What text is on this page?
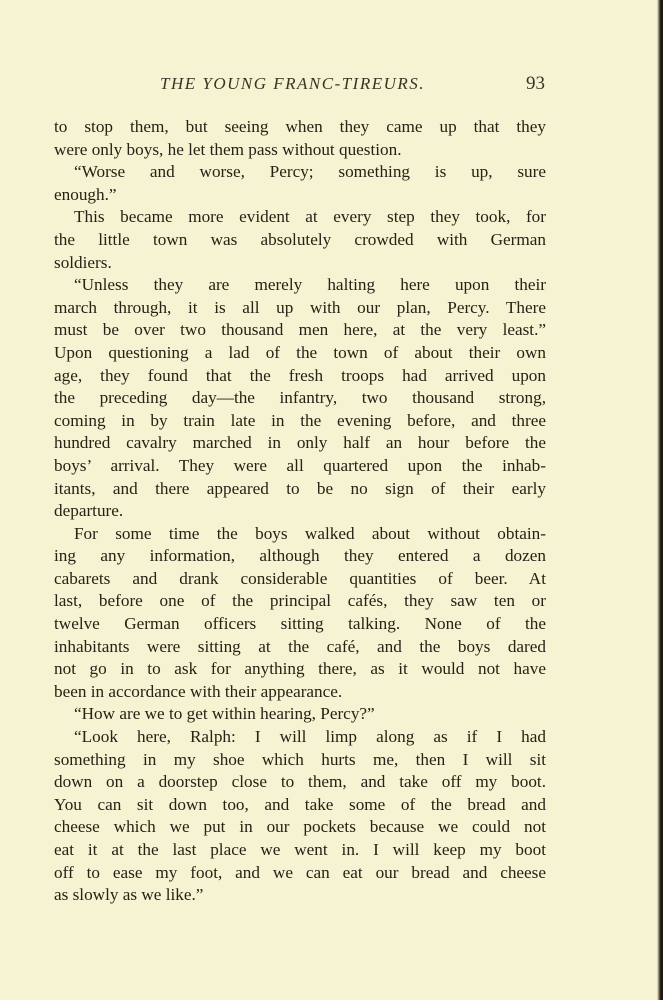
THE YOUNG FRANC-TIREURS.	93
to stop them, but seeing when they came up that they
were only boys, he let them pass without question.
“Worse and worse, Percy; something is up, sure
enough.”
This became more evident at every step they took, for
the little town was absolutely crowded with German
soldiers.
“Unless they are merely halting here upon their
march through, it is all up with our plan, Percy. There
must be over two thousand men here, at the very least.”
Upon questioning a lad of the town of about their own
age, they found that the fresh troops had arrived upon
the preceding day—the infantry, two thousand strong,
coming in by train late in the evening before, and three
hundred cavalry marched in only half an hour before the
boys’ arrival. They were all quartered upon the inhab-
itants, and there appeared to be no sign of their early
departure.
For some time the boys walked about without obtain-
ing any information, although they entered a dozen
cabarets and drank considerable quantities of beer. At
last, before one of the principal cafés, they saw ten or
twelve German officers sitting talking. None of the
inhabitants were sitting at the café, and the boys dared
not go in to ask for anything there, as it would not have
been in accordance with their appearance.
“How are we to get within hearing, Percy?”
“Look here, Ralph: I will limp along as if I had
something in my shoe which hurts me, then I will sit
down on a doorstep close to them, and take off my boot.
You can sit down too, and take some of the bread and
cheese which we put in our pockets because we could not
eat it at the last place we went in. I will keep my boot
off to ease my foot, and we can eat our bread and cheese
as slowly as we like.”
